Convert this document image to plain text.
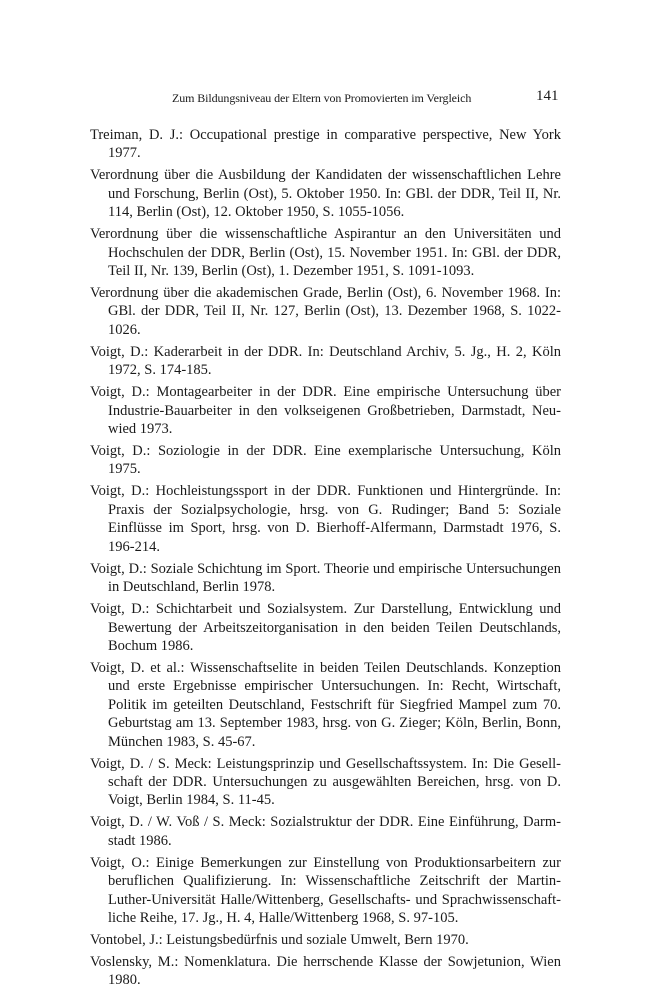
Zum Bildungsniveau der Eltern von Promovierten im Vergleich	141
Treiman, D. J.: Occupational prestige in comparative perspective, New York 1977.
Verordnung über die Ausbildung der Kandidaten der wissenschaftlichen Lehre und Forschung, Berlin (Ost), 5. Oktober 1950. In: GBl. der DDR, Teil II, Nr. 114, Berlin (Ost), 12. Oktober 1950, S. 1055-1056.
Verordnung über die wissenschaftliche Aspirantur an den Universitäten und Hochschulen der DDR, Berlin (Ost), 15. November 1951. In: GBl. der DDR, Teil II, Nr. 139, Berlin (Ost), 1. Dezember 1951, S. 1091-1093.
Verordnung über die akademischen Grade, Berlin (Ost), 6. November 1968. In: GBl. der DDR, Teil II, Nr. 127, Berlin (Ost), 13. Dezember 1968, S. 1022-1026.
Voigt, D.: Kaderarbeit in der DDR. In: Deutschland Archiv, 5. Jg., H. 2, Köln 1972, S. 174-185.
Voigt, D.: Montagearbeiter in der DDR. Eine empirische Untersuchung über Industrie-Bauarbeiter in den volkseigenen Großbetrieben, Darmstadt, Neuwied 1973.
Voigt, D.: Soziologie in der DDR. Eine exemplarische Untersuchung, Köln 1975.
Voigt, D.: Hochleistungssport in der DDR. Funktionen und Hintergründe. In: Praxis der Sozialpsychologie, hrsg. von G. Rudinger; Band 5: Soziale Einflüsse im Sport, hrsg. von D. Bierhoff-Alfermann, Darmstadt 1976, S. 196-214.
Voigt, D.: Soziale Schichtung im Sport. Theorie und empirische Untersuchungen in Deutschland, Berlin 1978.
Voigt, D.: Schichtarbeit und Sozialsystem. Zur Darstellung, Entwicklung und Bewertung der Arbeitszeitorganisation in den beiden Teilen Deutschlands, Bochum 1986.
Voigt, D. et al.: Wissenschaftselite in beiden Teilen Deutschlands. Konzeption und erste Ergebnisse empirischer Untersuchungen. In: Recht, Wirtschaft, Politik im geteilten Deutschland, Festschrift für Siegfried Mampel zum 70. Geburtstag am 13. September 1983, hrsg. von G. Zieger; Köln, Berlin, Bonn, München 1983, S. 45-67.
Voigt, D. / S. Meck: Leistungsprinzip und Gesellschaftssystem. In: Die Gesellschaft der DDR. Untersuchungen zu ausgewählten Bereichen, hrsg. von D. Voigt, Berlin 1984, S. 11-45.
Voigt, D. / W. Voß / S. Meck: Sozialstruktur der DDR. Eine Einführung, Darmstadt 1986.
Voigt, O.: Einige Bemerkungen zur Einstellung von Produktionsarbeitern zur beruflichen Qualifizierung. In: Wissenschaftliche Zeitschrift der Martin-Luther-Universität Halle/Wittenberg, Gesellschafts- und Sprachwissenschaftliche Reihe, 17. Jg., H. 4, Halle/Wittenberg 1968, S. 97-105.
Vontobel, J.: Leistungsbedürfnis und soziale Umwelt, Bern 1970.
Voslensky, M.: Nomenklatura. Die herrschende Klasse der Sowjetunion, Wien 1980.
